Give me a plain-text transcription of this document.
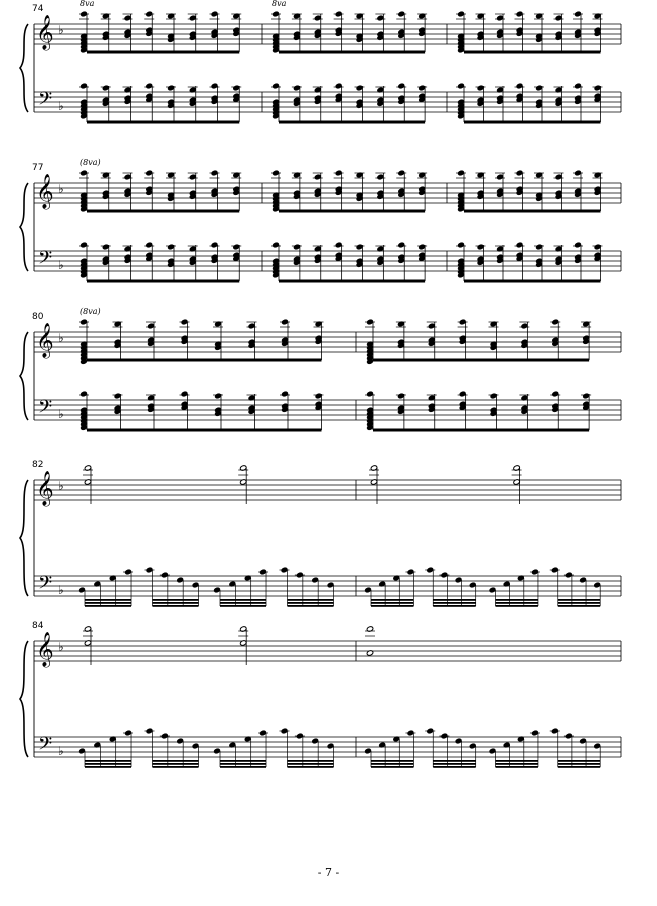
𝄞
𝄢
♭
♭
8va	8va
𝄞
𝄢
♭
♭
(8va)
𝄞
𝄢
♭
♭
(8va)
𝄞
𝄢
♭
♭
𝄞
𝄢
♭
♭
74
77
80
82
84
- 7 -
